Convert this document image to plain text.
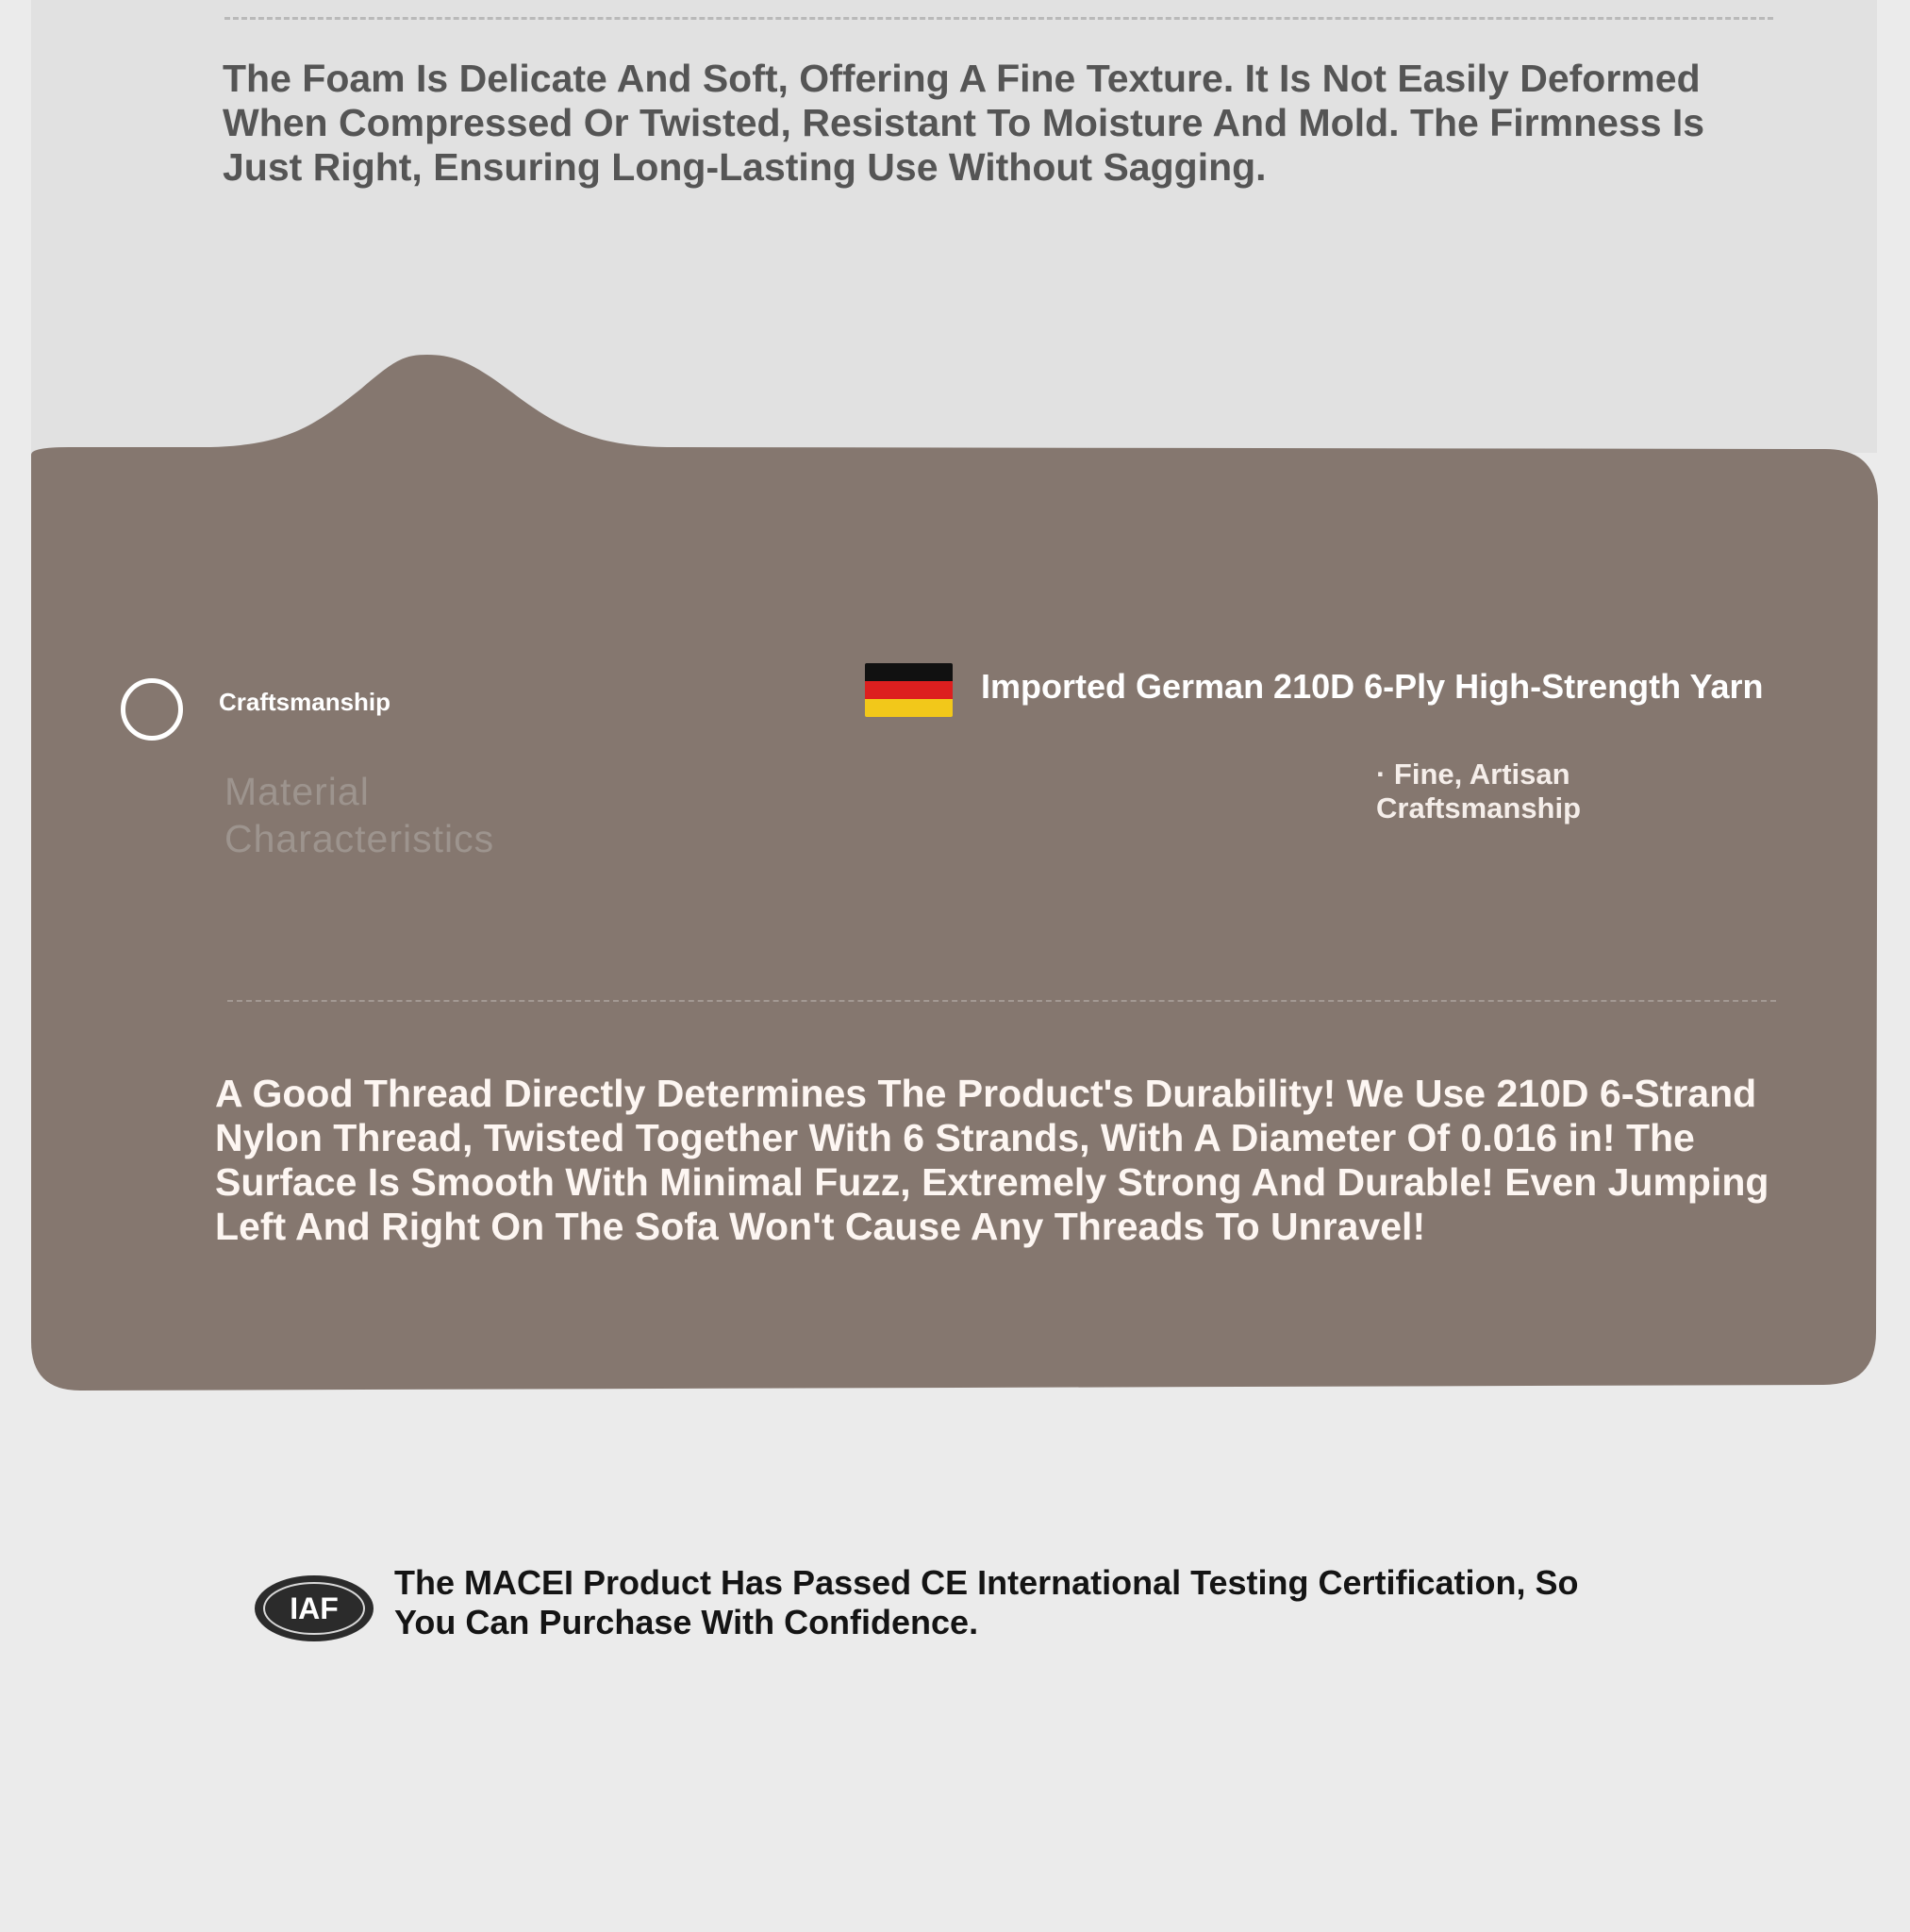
The Foam Is Delicate And Soft, Offering A Fine Texture. It Is Not Easily Deformed When Compressed Or Twisted, Resistant To Moisture And Mold. The Firmness Is Just Right, Ensuring Long-Lasting Use Without Sagging.

Craftsmanship
Material Characteristics
Imported German 210D 6-Ply High-Strength Yarn
· Fine, Artisan Craftsmanship

A Good Thread Directly Determines The Product's Durability! We Use 210D 6-Strand Nylon Thread, Twisted Together With 6 Strands, With A Diameter Of 0.016 in! The Surface Is Smooth With Minimal Fuzz, Extremely Strong And Durable! Even Jumping Left And Right On The Sofa Won't Cause Any Threads To Unravel!

IAF

The MACEI Product Has Passed CE International Testing Certification, So You Can Purchase With Confidence.
